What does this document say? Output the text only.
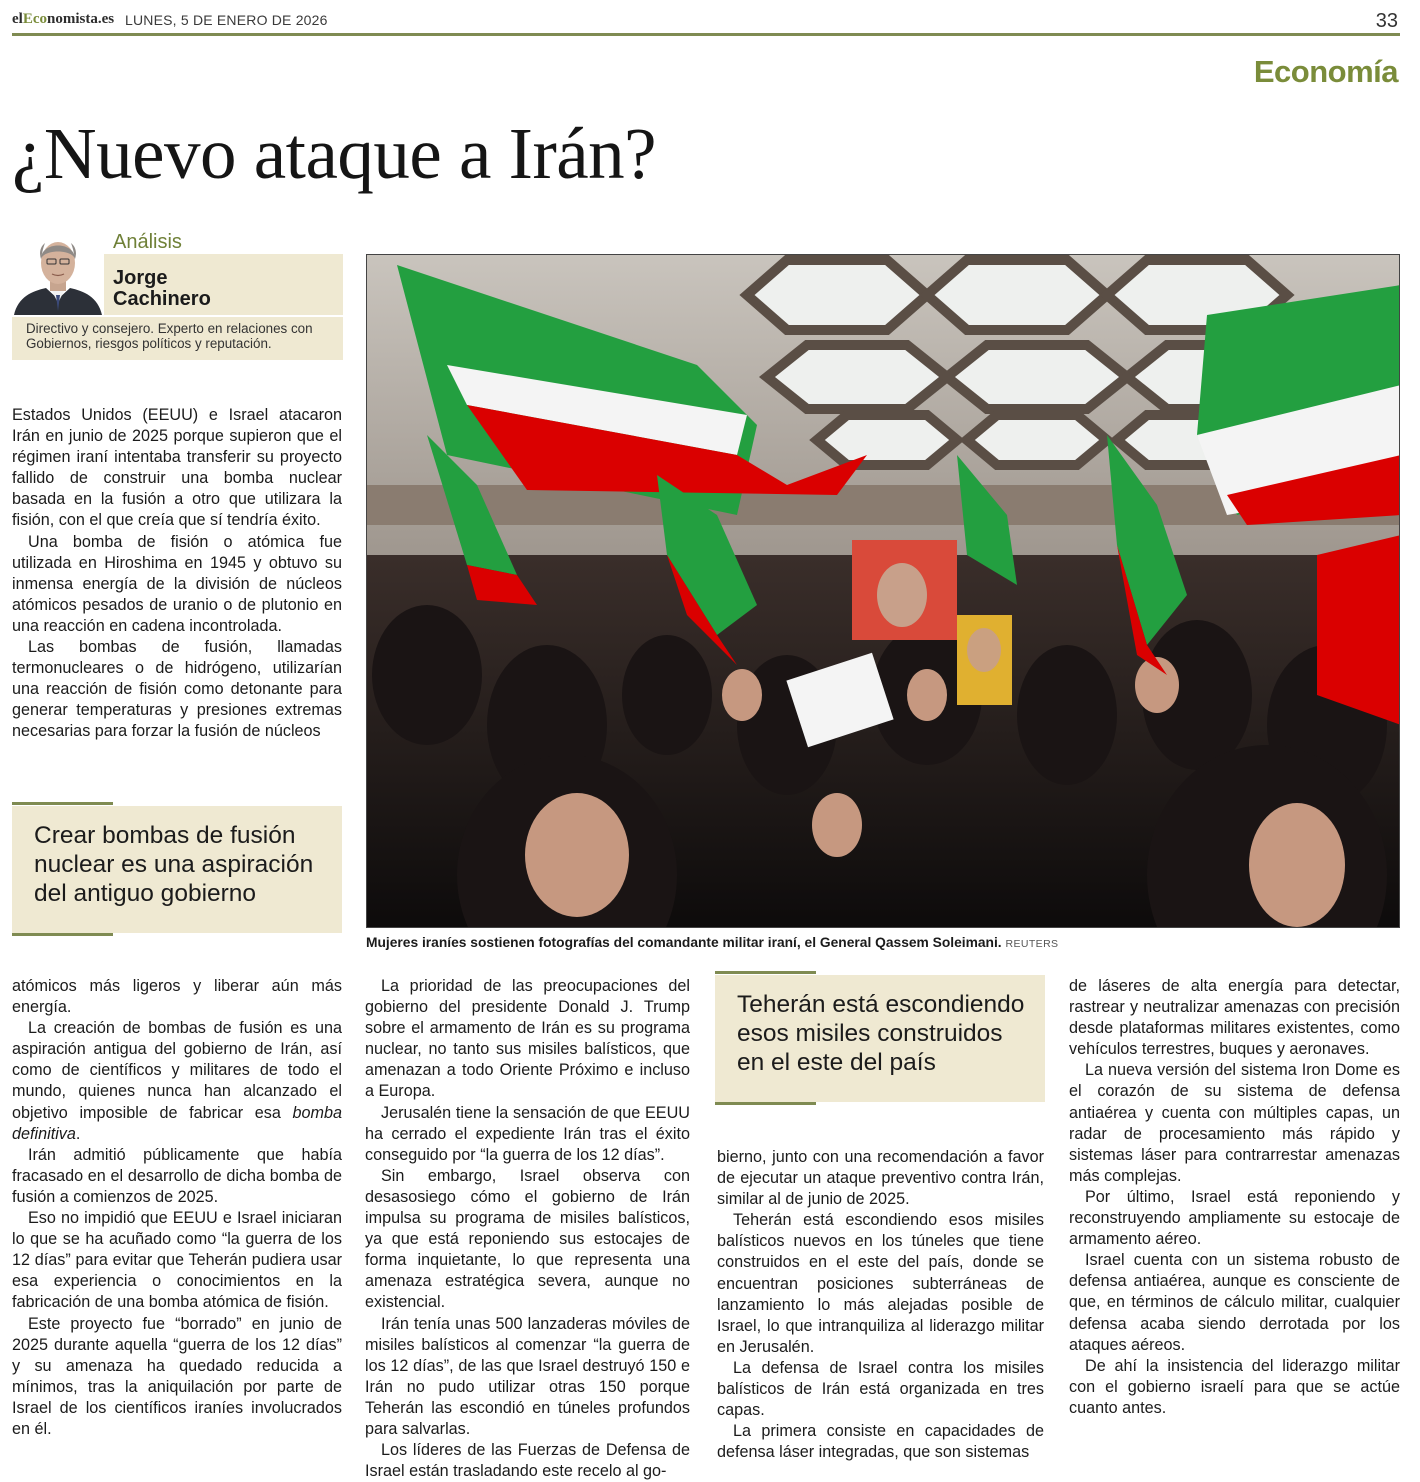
elEconomista.es LUNES, 5 DE ENERO DE 2026	33
Economía
¿Nuevo ataque a Irán?
Análisis
Jorge
Cachinero
Directivo y consejero. Experto en relaciones con Gobiernos, riesgos políticos y reputación.

Estados Unidos (EEUU) e Israel atacaron Irán en junio de 2025 porque supieron que el régimen iraní intentaba transferir su proyecto fallido de construir una bomba nuclear basada en la fusión a otro que utilizara la fisión, con el que creía que sí tendría éxito.

Una bomba de fisión o atómica fue utilizada en Hiroshima en 1945 y obtuvo su inmensa energía de la división de núcleos atómicos pesados de uranio o de plutonio en una reacción en cadena incontrolada.

Las bombas de fusión, llamadas termonucleares o de hidrógeno, utilizarían una reacción de fisión como detonante para generar temperaturas y presiones extremas necesarias para forzar la fusión de núcleos

Crear bombas de fusión nuclear es una aspiración del antiguo gobierno
Mujeres iraníes sostienen fotografías del comandante militar iraní, el General Qassem Soleimani. REUTERS

atómicos más ligeros y liberar aún más energía.

La creación de bombas de fusión es una aspiración antigua del gobierno de Irán, así como de científicos y militares de todo el mundo, quienes nunca han alcanzado el objetivo imposible de fabricar esa bomba definitiva.

Irán admitió públicamente que había fracasado en el desarrollo de dicha bomba de fusión a comienzos de 2025.

Eso no impidió que EEUU e Israel iniciaran lo que se ha acuñado como “la guerra de los 12 días” para evitar que Teherán pudiera usar esa experiencia o conocimientos en la fabricación de una bomba atómica de fisión.

Este proyecto fue “borrado” en junio de 2025 durante aquella “guerra de los 12 días” y su amenaza ha quedado reducida a mínimos, tras la aniquilación por parte de Israel de los científicos iraníes involucrados en él.

La prioridad de las preocupaciones del gobierno del presidente Donald J. Trump sobre el armamento de Irán es su programa nuclear, no tanto sus misiles balísticos, que amenazan a todo Oriente Próximo e incluso a Europa.

Jerusalén tiene la sensación de que EEUU ha cerrado el expediente Irán tras el éxito conseguido por “la guerra de los 12 días”.

Sin embargo, Israel observa con desasosiego cómo el gobierno de Irán impulsa su programa de misiles balísticos, ya que está reponiendo sus estocajes de forma inquietante, lo que representa una amenaza estratégica severa, aunque no existencial.

Irán tenía unas 500 lanzaderas móviles de misiles balísticos al comenzar “la guerra de los 12 días”, de las que Israel destruyó 150 e Irán no pudo utilizar otras 150 porque Teherán las escondió en túneles profundos para salvarlas.

Los líderes de las Fuerzas de Defensa de Israel están trasladando este recelo al go-

Teherán está escondiendo esos misiles construidos en el este del país

bierno, junto con una recomendación a favor de ejecutar un ataque preventivo contra Irán, similar al de junio de 2025.

Teherán está escondiendo esos misiles balísticos nuevos en los túneles que tiene construidos en el este del país, donde se encuentran posiciones subterráneas de lanzamiento lo más alejadas posible de Israel, lo que intranquiliza al liderazgo militar en Jerusalén.

La defensa de Israel contra los misiles balísticos de Irán está organizada en tres capas.

La primera consiste en capacidades de defensa láser integradas, que son sistemas

de láseres de alta energía para detectar, rastrear y neutralizar amenazas con precisión desde plataformas militares existentes, como vehículos terrestres, buques y aeronaves.

La nueva versión del sistema Iron Dome es el corazón de su sistema de defensa antiaérea y cuenta con múltiples capas, un radar de procesamiento más rápido y sistemas láser para contrarrestar amenazas más complejas.

Por último, Israel está reponiendo y reconstruyendo ampliamente su estocaje de armamento aéreo.

Israel cuenta con un sistema robusto de defensa antiaérea, aunque es consciente de que, en términos de cálculo militar, cualquier defensa acaba siendo derrotada por los ataques aéreos.

De ahí la insistencia del liderazgo militar con el gobierno israelí para que se actúe cuanto antes.
